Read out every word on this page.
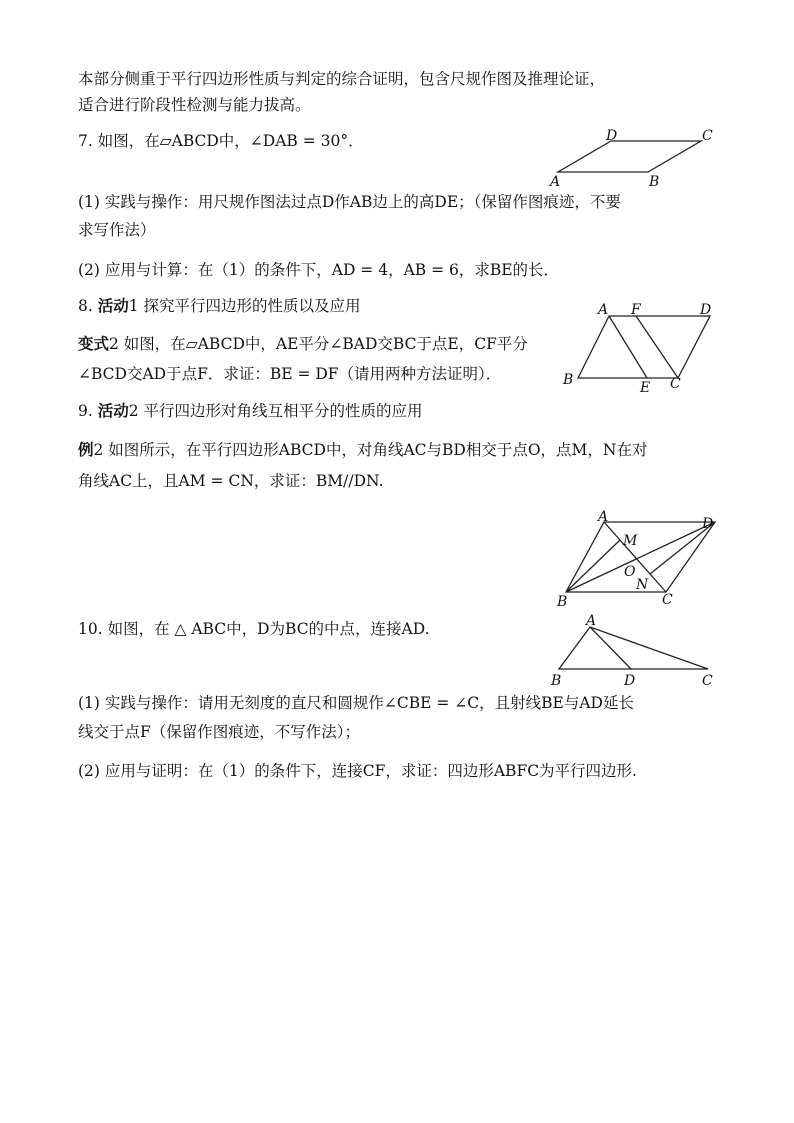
本部分侧重于平行四边形性质与判定的综合证明，包含尺规作图及推理论证，
适合进行阶段性检测与能力拔高。
7. 如图，在▱ABCD中，∠DAB = 30°．	D	C
A	B
(1) 实践与操作：用尺规作图法过点D作AB边上的高DE；（保留作图痕迹，不要
求写作法）
(2) 应用与计算：在（1）的条件下，AD = 4，AB = 6，求BE的长．
8. 活动1 探究平行四边形的性质以及应用
变式2 如图，在▱ABCD中，AE平分∠BAD交BC于点E，CF平分
∠BCD交AD于点F．求证：BE = DF（请用两种方法证明）．
A F	D
B	E C
9. 活动2 平行四边形对角线互相平分的性质的应用
例2 如图所示，在平行四边形ABCD中，对角线AC与BD相交于点O，点M，N在对
角线AC上，且AM = CN，求证：BM//DN.
A	D
M
O
N
B	C
10. 如图，在 △ ABC中，D为BC的中点，连接AD.	A
B	D	C
(1) 实践与操作：请用无刻度的直尺和圆规作∠CBE = ∠C，且射线BE与AD延长
线交于点F（保留作图痕迹，不写作法）；
(2) 应用与证明：在（1）的条件下，连接CF，求证：四边形ABFC为平行四边形.
